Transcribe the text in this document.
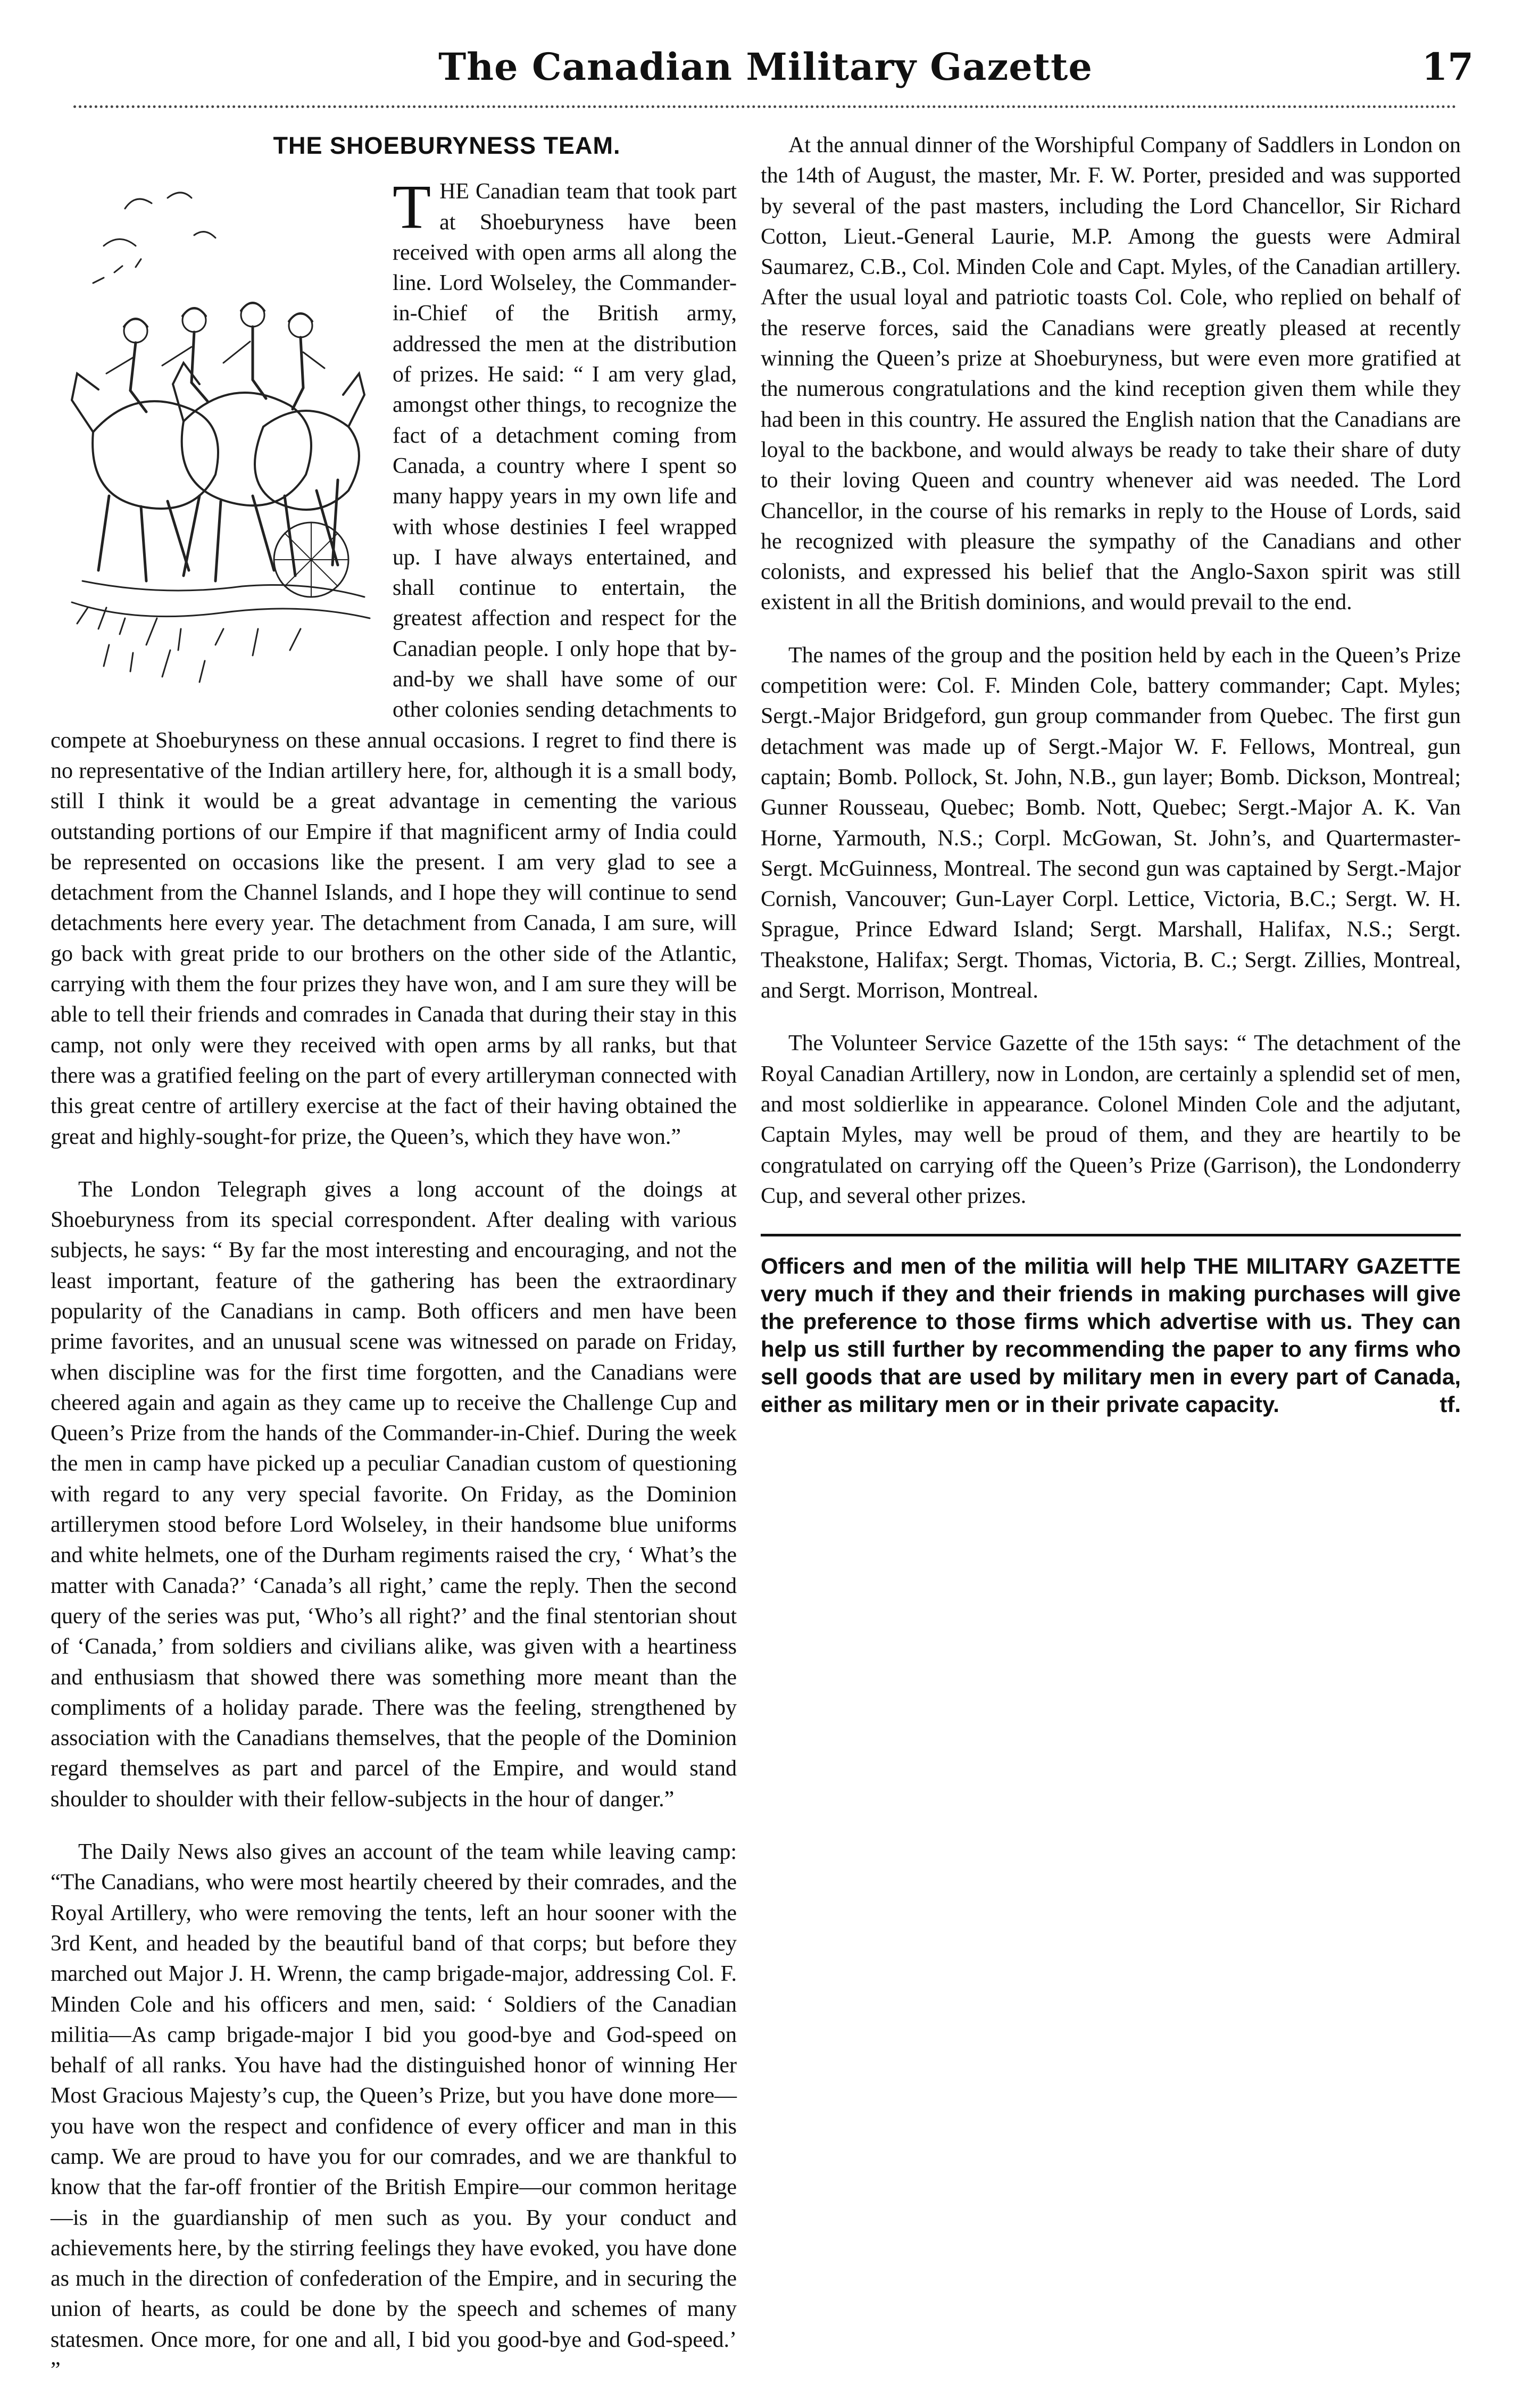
The Canadian Military Gazette	17
THE SHOEBURYNESS TEAM.
T HE Canadian team that took part at Shoeburyness have been received with open arms all along the line. Lord Wolseley, the Commander-in-Chief of the British army, addressed the men at the distribution of prizes. He said: “ I am very glad, amongst other things, to recognize the fact of a detachment coming from Canada, a country where I spent so many happy years in my own life and with whose destinies I feel wrapped up. I have always entertained, and shall continue to entertain, the greatest affection and respect for the Canadian people. I only hope that by-and-by we shall have some of our other colonies sending detachments to compete at Shoeburyness on these annual occasions. I regret to find there is no representative of the Indian artillery here, for, although it is a small body, still I think it would be a great advantage in cementing the various outstanding portions of our Empire if that magnificent army of India could be represented on occasions like the present. I am very glad to see a detachment from the Channel Islands, and I hope they will continue to send detachments here every year. The detachment from Canada, I am sure, will go back with great pride to our brothers on the other side of the Atlantic, carrying with them the four prizes they have won, and I am sure they will be able to tell their friends and comrades in Canada that during their stay in this camp, not only were they received with open arms by all ranks, but that there was a gratified feeling on the part of every artilleryman connected with this great centre of artillery exercise at the fact of their having obtained the great and highly-sought-for prize, the Queen’s, which they have won.”

The London Telegraph gives a long account of the doings at Shoeburyness from its special correspondent. After dealing with various subjects, he says: “ By far the most interesting and encouraging, and not the least important, feature of the gathering has been the extraordinary popularity of the Canadians in camp. Both officers and men have been prime favorites, and an unusual scene was witnessed on parade on Friday, when discipline was for the first time forgotten, and the Canadians were cheered again and again as they came up to receive the Challenge Cup and Queen’s Prize from the hands of the Commander-in-Chief. During the week the men in camp have picked up a peculiar Canadian custom of questioning with regard to any very special favorite. On Friday, as the Dominion artillerymen stood before Lord Wolseley, in their handsome blue uniforms and white helmets, one of the Durham regiments raised the cry, ‘ What’s the matter with Canada?’ ‘Canada’s all right,’ came the reply. Then the second query of the series was put, ‘Who’s all right?’ and the final stentorian shout of ‘Canada,’ from soldiers and civilians alike, was given with a heartiness and enthusiasm that showed there was something more meant than the compliments of a holiday parade. There was the feeling, strengthened by association with the Canadians themselves, that the people of the Dominion regard themselves as part and parcel of the Empire, and would stand shoulder to shoulder with their fellow-subjects in the hour of danger.”

The Daily News also gives an account of the team while leaving camp: “The Canadians, who were most heartily cheered by their comrades, and the Royal Artillery, who were removing the tents, left an hour sooner with the 3rd Kent, and headed by the beautiful band of that corps; but before they marched out Major J. H. Wrenn, the camp brigade-major, addressing Col. F. Minden Cole and his officers and men, said: ‘ Soldiers of the Canadian militia—As camp brigade-major I bid you good-bye and God-speed on behalf of all ranks. You have had the distinguished honor of winning Her Most Gracious Majesty’s cup, the Queen’s Prize, but you have done more—you have won the respect and confidence of every officer and man in this camp. We are proud to have you for our comrades, and we are thankful to know that the far-off frontier of the British Empire—our common heritage—is in the guardianship of men such as you. By your conduct and achievements here, by the stirring feelings they have evoked, you have done as much in the direction of confederation of the Empire, and in securing the union of hearts, as could be done by the speech and schemes of many statesmen. Once more, for one and all, I bid you good-bye and God-speed.’ ”

At the annual dinner of the Worshipful Company of Saddlers in London on the 14th of August, the master, Mr. F. W. Porter, presided and was supported by several of the past masters, including the Lord Chancellor, Sir Richard Cotton, Lieut.-General Laurie, M.P. Among the guests were Admiral Saumarez, C.B., Col. Minden Cole and Capt. Myles, of the Canadian artillery. After the usual loyal and patriotic toasts Col. Cole, who replied on behalf of the reserve forces, said the Canadians were greatly pleased at recently winning the Queen’s prize at Shoeburyness, but were even more gratified at the numerous congratulations and the kind reception given them while they had been in this country. He assured the English nation that the Canadians are loyal to the backbone, and would always be ready to take their share of duty to their loving Queen and country whenever aid was needed. The Lord Chancellor, in the course of his remarks in reply to the House of Lords, said he recognized with pleasure the sympathy of the Canadians and other colonists, and expressed his belief that the Anglo-Saxon spirit was still existent in all the British dominions, and would prevail to the end.

The names of the group and the position held by each in the Queen’s Prize competition were: Col. F. Minden Cole, battery commander; Capt. Myles; Sergt.-Major Bridgeford, gun group commander from Quebec. The first gun detachment was made up of Sergt.-Major W. F. Fellows, Montreal, gun captain; Bomb. Pollock, St. John, N.B., gun layer; Bomb. Dickson, Montreal; Gunner Rousseau, Quebec; Bomb. Nott, Quebec; Sergt.-Major A. K. Van Horne, Yarmouth, N.S.; Corpl. McGowan, St. John’s, and Quartermaster-Sergt. McGuinness, Montreal. The second gun was captained by Sergt.-Major Cornish, Vancouver; Gun-Layer Corpl. Lettice, Victoria, B.C.; Sergt. W. H. Sprague, Prince Edward Island; Sergt. Marshall, Halifax, N.S.; Sergt. Theakstone, Halifax; Sergt. Thomas, Victoria, B. C.; Sergt. Zillies, Montreal, and Sergt. Morrison, Montreal.

The Volunteer Service Gazette of the 15th says: “ The detachment of the Royal Canadian Artillery, now in London, are certainly a splendid set of men, and most soldierlike in appearance. Colonel Minden Cole and the adjutant, Captain Myles, may well be proud of them, and they are heartily to be congratulated on carrying off the Queen’s Prize (Garrison), the Londonderry Cup, and several other prizes.

Officers and men of the militia will help THE MILITARY GAZETTE very much if they and their friends in making purchases will give the preference to those firms which advertise with us. They can help us still further by recommending the paper to any firms who sell goods that are used by military men in every part of Canada, either as military men or in their private capacity.	tf.
